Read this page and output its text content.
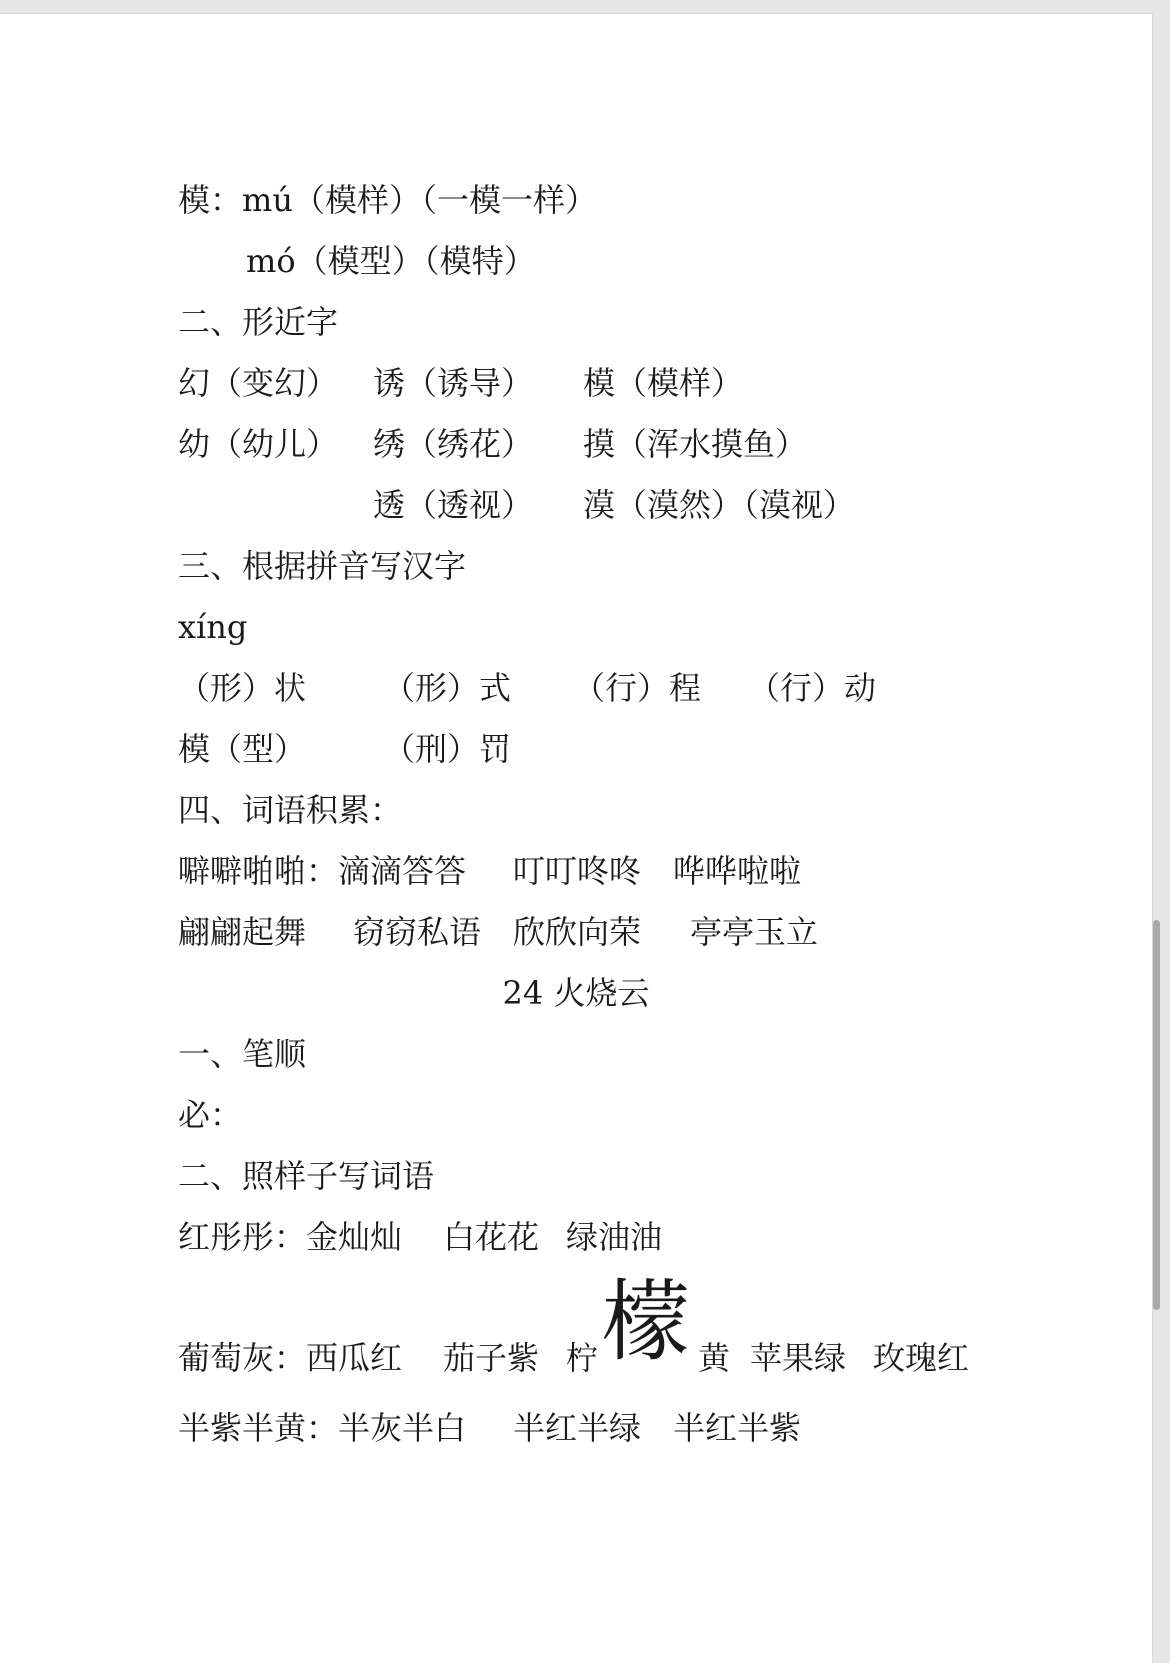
模：mú（模样）（一模一样）
mó（模型）（模特）
二、形近字
幻（变幻） 诱（诱导） 模（模样）
幼（幼儿） 绣（绣花） 摸（浑水摸鱼）
透（透视） 漠（漠然）（漠视）
三、根据拼音写汉字
xíng
（形）状 （形）式 （行）程 （行）动
模（型） （刑）罚
四、词语积累：
噼噼啪啪：滴滴答答 叮叮咚咚 哗哗啦啦
翩翩起舞 窃窃私语 欣欣向荣 亭亭玉立
24 火烧云
一、笔顺
必：
二、照样子写词语
红彤彤：金灿灿 白花花 绿油油
葡萄灰：西瓜红 茄子紫 柠	黄 苹果绿 玫瑰红
檬
半紫半黄：半灰半白 半红半绿 半红半紫
